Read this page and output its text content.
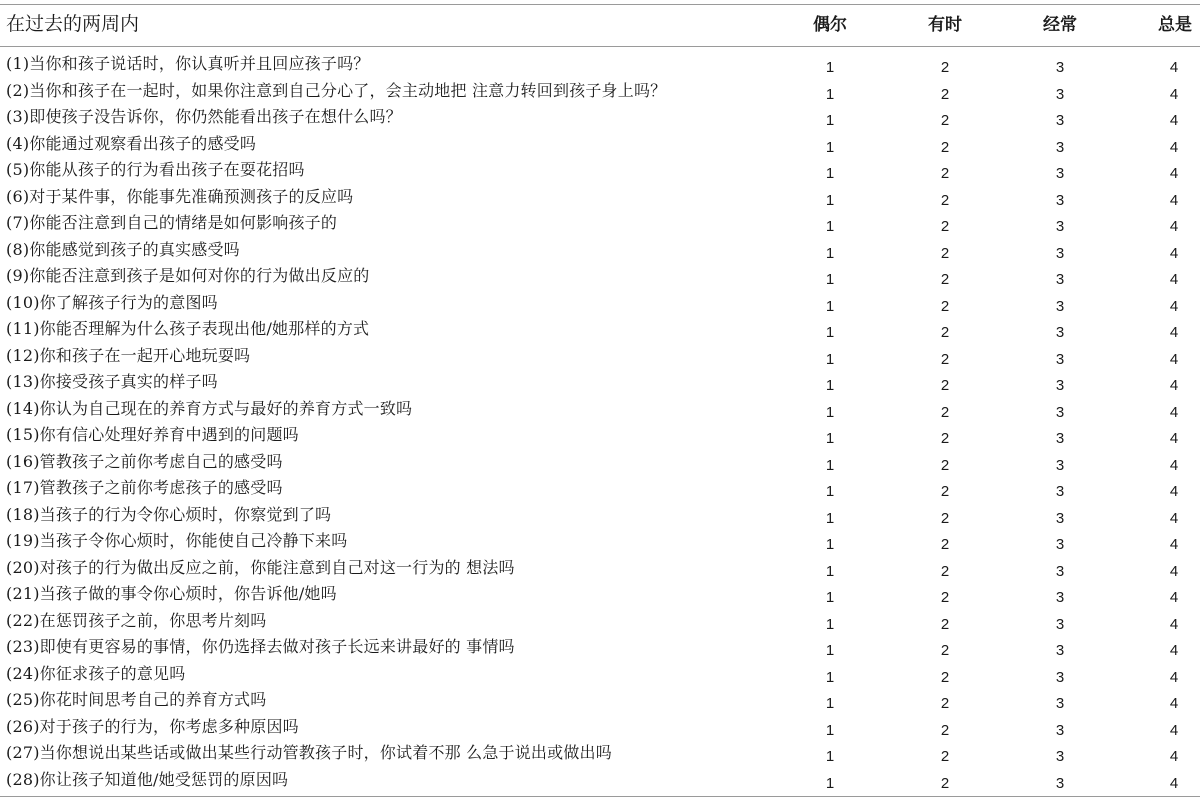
在过去的两周内	偶尔	有时	经常	总是
(1)当你和孩子说话时，你认真听并且回应孩子吗？	1	2	3	4
(2)当你和孩子在一起时，如果你注意到自己分心了，会主动地把 注意力转回到孩子身上吗？	1	2	3	4
(3)即使孩子没告诉你，你仍然能看出孩子在想什么吗？	1	2	3	4
(4)你能通过观察看出孩子的感受吗	1	2	3	4
(5)你能从孩子的行为看出孩子在耍花招吗	1	2	3	4
(6)对于某件事，你能事先准确预测孩子的反应吗	1	2	3	4
(7)你能否注意到自己的情绪是如何影响孩子的	1	2	3	4
(8)你能感觉到孩子的真实感受吗	1	2	3	4
(9)你能否注意到孩子是如何对你的行为做出反应的	1	2	3	4
(10)你了解孩子行为的意图吗	1	2	3	4
(11)你能否理解为什么孩子表现出他/她那样的方式	1	2	3	4
(12)你和孩子在一起开心地玩耍吗	1	2	3	4
(13)你接受孩子真实的样子吗	1	2	3	4
(14)你认为自己现在的养育方式与最好的养育方式一致吗	1	2	3	4
(15)你有信心处理好养育中遇到的问题吗	1	2	3	4
(16)管教孩子之前你考虑自己的感受吗	1	2	3	4
(17)管教孩子之前你考虑孩子的感受吗	1	2	3	4
(18)当孩子的行为令你心烦时，你察觉到了吗	1	2	3	4
(19)当孩子令你心烦时，你能使自己冷静下来吗	1	2	3	4
(20)对孩子的行为做出反应之前，你能注意到自己对这一行为的 想法吗	1	2	3	4
(21)当孩子做的事令你心烦时，你告诉他/她吗	1	2	3	4
(22)在惩罚孩子之前，你思考片刻吗	1	2	3	4
(23)即使有更容易的事情，你仍选择去做对孩子长远来讲最好的 事情吗	1	2	3	4
(24)你征求孩子的意见吗	1	2	3	4
(25)你花时间思考自己的养育方式吗	1	2	3	4
(26)对于孩子的行为，你考虑多种原因吗	1	2	3	4
(27)当你想说出某些话或做出某些行动管教孩子时，你试着不那 么急于说出或做出吗	1	2	3	4
(28)你让孩子知道他/她受惩罚的原因吗	1	2	3	4
